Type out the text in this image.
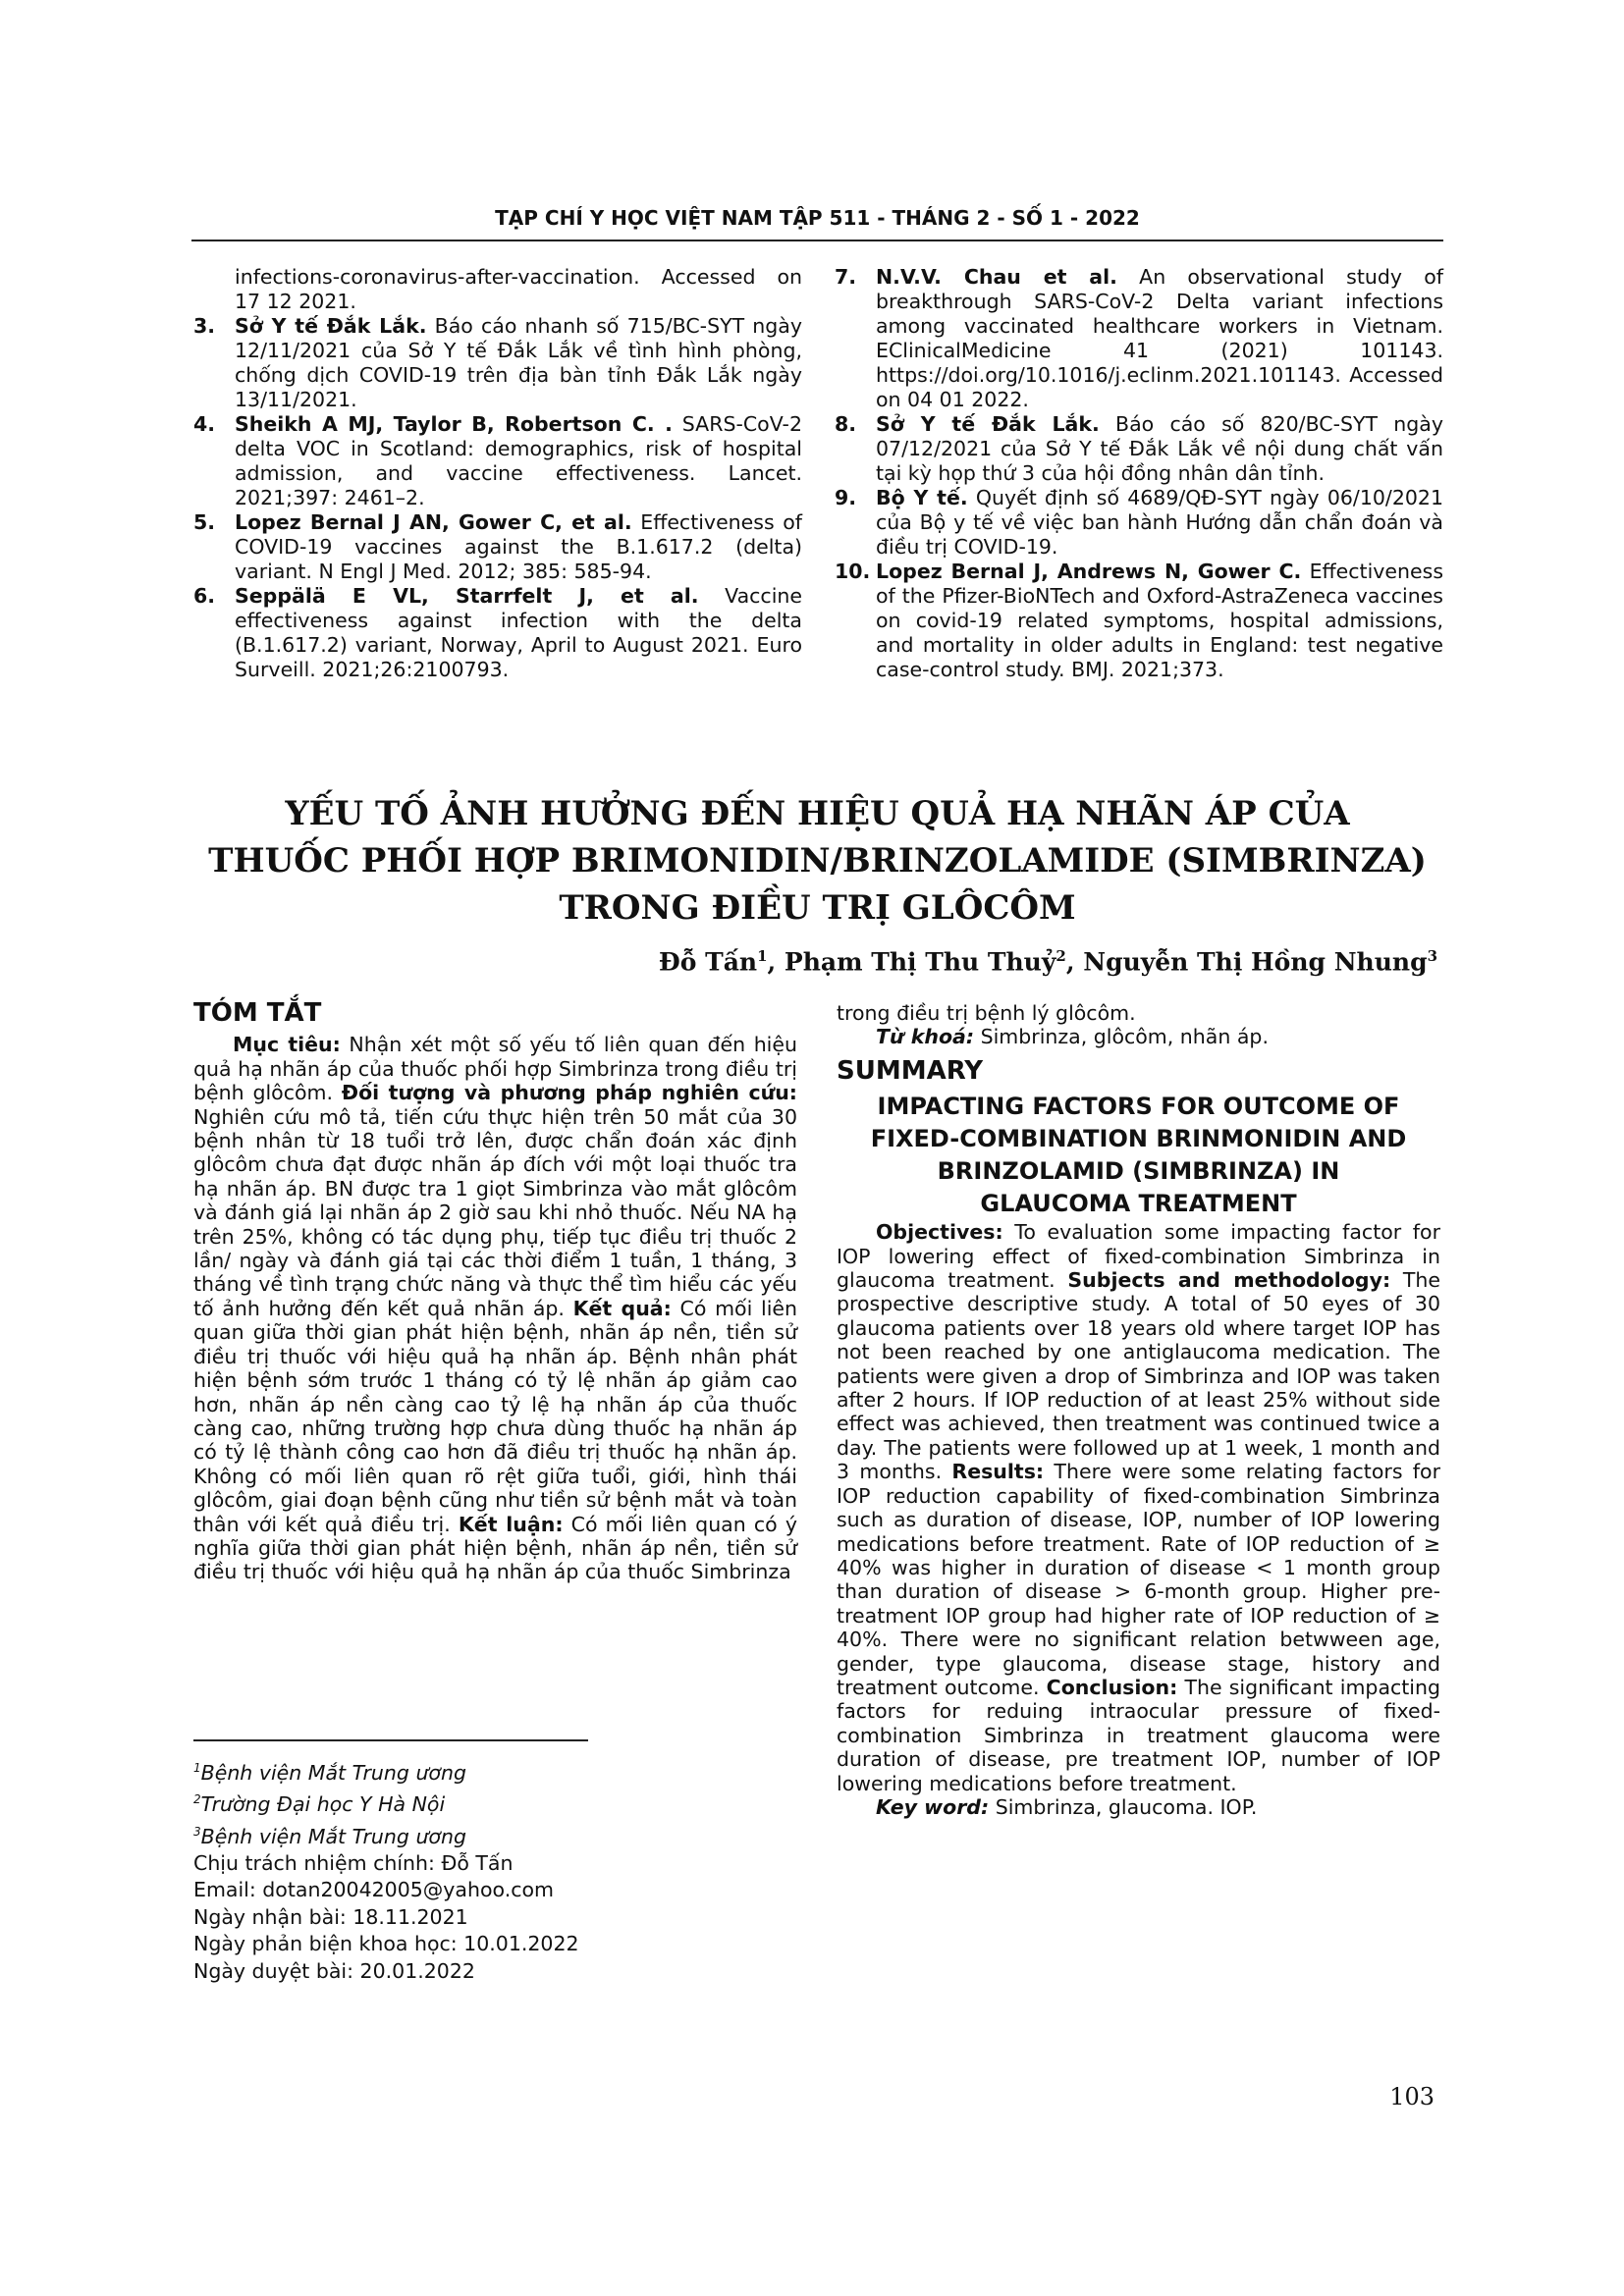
TẠP CHÍ Y HỌC VIỆT NAM TẬP 511 - THÁNG 2 - SỐ 1 - 2022

infections-coronavirus-after-vaccination. Accessed on 17 12 2021.

3. Sở Y tế Đắk Lắk. Báo cáo nhanh số 715/BC-SYT ngày 12/11/2021 của Sở Y tế Đắk Lắk về tình hình phòng, chống dịch COVID-19 trên địa bàn tỉnh Đắk Lắk ngày 13/11/2021.

4. Sheikh A MJ, Taylor B, Robertson C. . SARS-CoV-2 delta VOC in Scotland: demographics, risk of hospital admission, and vaccine effectiveness. Lancet. 2021;397: 2461–2.

5. Lopez Bernal J AN, Gower C, et al. Effectiveness of COVID-19 vaccines against the B.1.617.2 (delta) variant. N Engl J Med. 2012; 385: 585-94.

6. Seppälä E VL, Starrfelt J, et al. Vaccine effectiveness against infection with the delta (B.1.617.2) variant, Norway, April to August 2021. Euro Surveill. 2021;26:2100793.

7. N.V.V. Chau et al. An observational study of breakthrough SARS-CoV-2 Delta variant infections among vaccinated healthcare workers in Vietnam. EClinicalMedicine 41 (2021) 101143. https://doi.org/10.1016/j.eclinm.2021.101143. Accessed on 04 01 2022.

8. Sở Y tế Đắk Lắk. Báo cáo số 820/BC-SYT ngày 07/12/2021 của Sở Y tế Đắk Lắk về nội dung chất vấn tại kỳ họp thứ 3 của hội đồng nhân dân tỉnh.

9. Bộ Y tế. Quyết định số 4689/QĐ-SYT ngày 06/10/2021 của Bộ y tế về việc ban hành Hướng dẫn chẩn đoán và điều trị COVID-19.

10. Lopez Bernal J, Andrews N, Gower C. Effectiveness of the Pfizer-BioNTech and Oxford-AstraZeneca vaccines on covid-19 related symptoms, hospital admissions, and mortality in older adults in England: test negative case-control study. BMJ. 2021;373.

YẾU TỐ ẢNH HƯỞNG ĐẾN HIỆU QUẢ HẠ NHÃN ÁP CỦA
THUỐC PHỐI HỢP BRIMONIDIN/BRINZOLAMIDE (SIMBRINZA)
TRONG ĐIỀU TRỊ GLÔCÔM
Đỗ Tấn$^1$, Phạm Thị Thu Thuỷ$^2$, Nguyễn Thị Hồng Nhung$^3$
TÓM TẮT

Mục tiêu: Nhận xét một số yếu tố liên quan đến hiệu quả hạ nhãn áp của thuốc phối hợp Simbrinza trong điều trị bệnh glôcôm. Đối tượng và phương pháp nghiên cứu: Nghiên cứu mô tả, tiến cứu thực hiện trên 50 mắt của 30 bệnh nhân từ 18 tuổi trở lên, được chẩn đoán xác định glôcôm chưa đạt được nhãn áp đích với một loại thuốc tra hạ nhãn áp. BN được tra 1 giọt Simbrinza vào mắt glôcôm và đánh giá lại nhãn áp 2 giờ sau khi nhỏ thuốc. Nếu NA hạ trên 25%, không có tác dụng phụ, tiếp tục điều trị thuốc 2 lần/ ngày và đánh giá tại các thời điểm 1 tuần, 1 tháng, 3 tháng về tình trạng chức năng và thực thể tìm hiểu các yếu tố ảnh hưởng đến kết quả nhãn áp. Kết quả: Có mối liên quan giữa thời gian phát hiện bệnh, nhãn áp nền, tiền sử điều trị thuốc với hiệu quả hạ nhãn áp. Bệnh nhân phát hiện bệnh sớm trước 1 tháng có tỷ lệ nhãn áp giảm cao hơn, nhãn áp nền càng cao tỷ lệ hạ nhãn áp của thuốc càng cao, những trường hợp chưa dùng thuốc hạ nhãn áp có tỷ lệ thành công cao hơn đã điều trị thuốc hạ nhãn áp. Không có mối liên quan rõ rệt giữa tuổi, giới, hình thái glôcôm, giai đoạn bệnh cũng như tiền sử bệnh mắt và toàn thân với kết quả điều trị. Kết luận: Có mối liên quan có ý nghĩa giữa thời gian phát hiện bệnh, nhãn áp nền, tiền sử điều trị thuốc với hiệu quả hạ nhãn áp của thuốc Simbrinza

$^1$Bệnh viện Mắt Trung ương
$^2$Trường Đại học Y Hà Nội
$^3$Bệnh viện Mắt Trung ương
Chịu trách nhiệm chính: Đỗ Tấn
Email: dotan20042005@yahoo.com
Ngày nhận bài: 18.11.2021
Ngày phản biện khoa học: 10.01.2022
Ngày duyệt bài: 20.01.2022

trong điều trị bệnh lý glôcôm.

Từ khoá: Simbrinza, glôcôm, nhãn áp.

SUMMARY
IMPACTING FACTORS FOR OUTCOME OF
FIXED-COMBINATION BRINMONIDIN AND
BRINZOLAMID (SIMBRINZA) IN
GLAUCOMA TREATMENT

Objectives: To evaluation some impacting factor for IOP lowering effect of fixed-combination Simbrinza in glaucoma treatment. Subjects and methodology: The prospective descriptive study. A total of 50 eyes of 30 glaucoma patients over 18 years old where target IOP has not been reached by one antiglaucoma medication. The patients were given a drop of Simbrinza and IOP was taken after 2 hours. If IOP reduction of at least 25% without side effect was achieved, then treatment was continued twice a day. The patients were followed up at 1 week, 1 month and 3 months. Results: There were some relating factors for IOP reduction capability of fixed-combination Simbrinza such as duration of disease, IOP, number of IOP lowering medications before treatment. Rate of IOP reduction of ≥ 40% was higher in duration of disease < 1 month group than duration of disease > 6-month group. Higher pre-treatment IOP group had higher rate of IOP reduction of ≥ 40%. There were no significant relation betwween age, gender, type glaucoma, disease stage, history and treatment outcome. Conclusion: The significant impacting factors for reduing intraocular pressure of fixed-combination Simbrinza in treatment glaucoma were duration of disease, pre treatment IOP, number of IOP lowering medications before treatment.

Key word: Simbrinza, glaucoma. IOP.

103
